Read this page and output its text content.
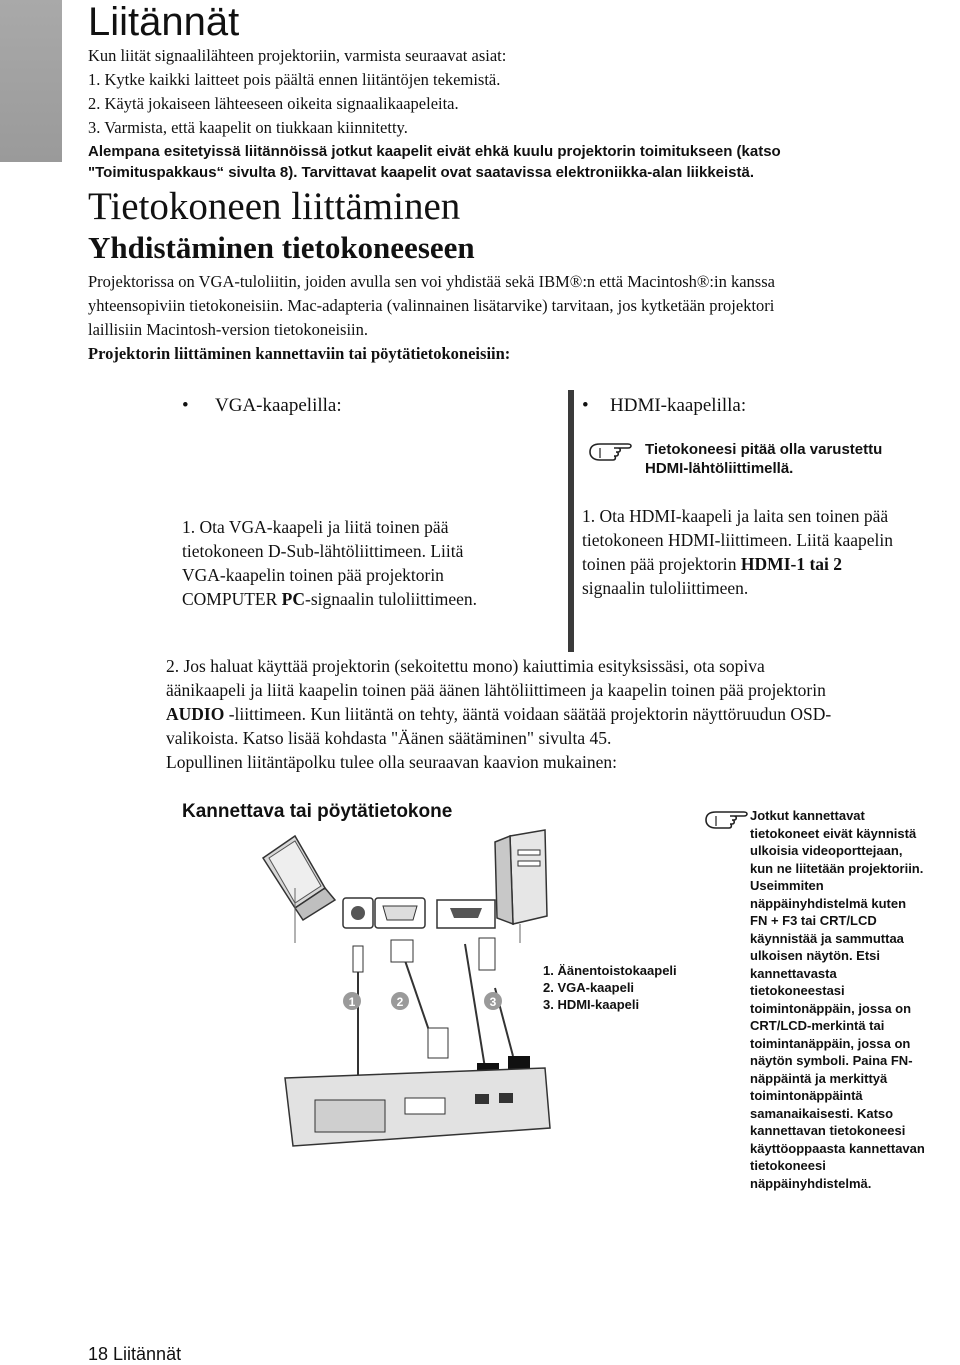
Liitännät
Kun liität signaalilähteen projektoriin, varmista seuraavat asiat:
1. Kytke kaikki laitteet pois päältä ennen liitäntöjen tekemistä.
2. Käytä jokaiseen lähteeseen oikeita signaalikaapeleita.
3. Varmista, että kaapelit on tiukkaan kiinnitetty.
Alempana esitetyissä liitännöissä jotkut kaapelit eivät ehkä kuulu projektorin toimitukseen (katso
"Toimituspakkaus“ sivulta 8). Tarvittavat kaapelit ovat saatavissa elektroniikka-alan liikkeistä.
Tietokoneen liittäminen
Yhdistäminen tietokoneeseen
Projektorissa on VGA-tuloliitin, joiden avulla sen voi yhdistää sekä IBM®:n että Macintosh®:in kanssa
yhteensopiviin tietokoneisiin. Mac-adapteria (valinnainen lisätarvike) tarvitaan, jos kytketään projektori
laillisiin Macintosh-version tietokoneisiin.
Projektorin liittäminen kannettaviin tai pöytätietokoneisiin:
• VGA-kaapelilla:
1. Ota VGA-kaapeli ja liitä toinen pää
tietokoneen D-Sub-lähtöliittimeen. Liitä
VGA-kaapelin toinen pää projektorin
COMPUTER PC-signaalin tuloliittimeen.
• HDMI-kaapelilla:
Tietokoneesi pitää olla varustettu
HDMI-lähtöliittimellä.
1. Ota HDMI-kaapeli ja laita sen toinen pää
tietokoneen HDMI-liittimeen. Liitä kaapelin
toinen pää projektorin HDMI-1 tai 2
signaalin tuloliittimeen.
2. Jos haluat käyttää projektorin (sekoitettu mono) kaiuttimia esityksissäsi, ota sopiva
äänikaapeli ja liitä kaapelin toinen pää äänen lähtöliittimeen ja kaapelin toinen pää projektorin
AUDIO -liittimeen. Kun liitäntä on tehty, ääntä voidaan säätää projektorin näyttöruudun OSD-
valikoista. Katso lisää kohdasta "Äänen säätäminen" sivulta 45.
Lopullinen liitäntäpolku tulee olla seuraavan kaavion mukainen:
Kannettava tai pöytätietokone
1	2	3
1. Äänentoistokaapeli
2. VGA-kaapeli
3. HDMI-kaapeli
Jotkut kannettavat
tietokoneet eivät käynnistä
ulkoisia videoporttejaan,
kun ne liitetään projektoriin.
Useimmiten
näppäinyhdistelmä kuten
FN + F3 tai CRT/LCD
käynnistää ja sammuttaa
ulkoisen näytön. Etsi
kannettavasta
tietokoneestasi
toimintonäppäin, jossa on
CRT/LCD-merkintä tai
toimintanäppäin, jossa on
näytön symboli. Paina FN-
näppäintä ja merkittyä
toimintonäppäintä
samanaikaisesti. Katso
kannettavan tietokoneesi
käyttöoppaasta kannettavan
tietokoneesi
näppäinyhdistelmä.
18 Liitännät
